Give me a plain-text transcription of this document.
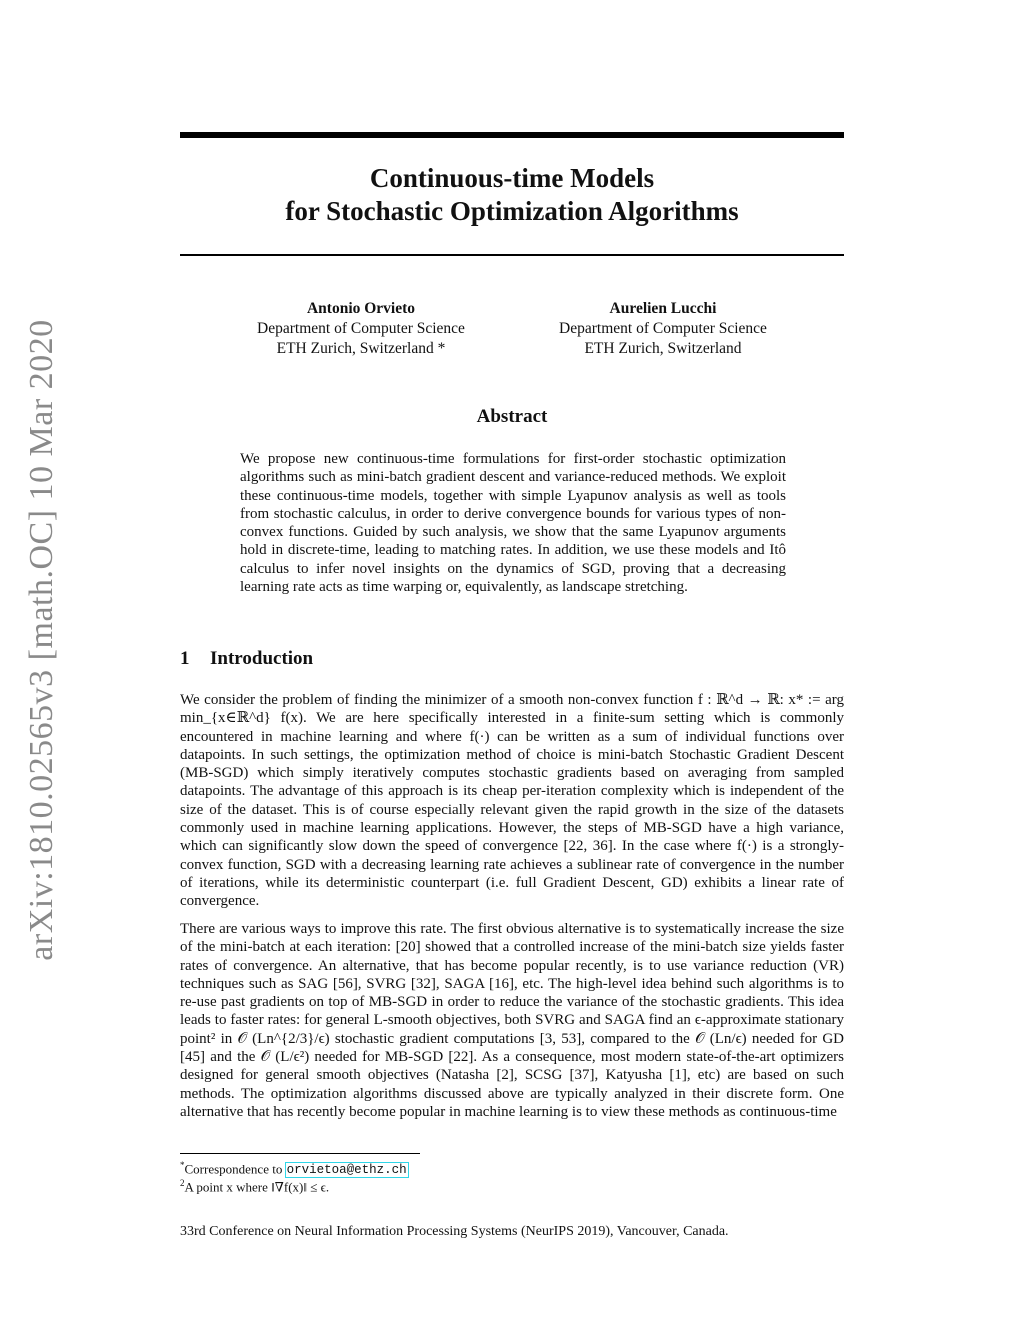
arXiv:1810.02565v3 [math.OC] 10 Mar 2020
Continuous-time Models
for Stochastic Optimization Algorithms
Antonio Orvieto
Department of Computer Science
ETH Zurich, Switzerland *
Aurelien Lucchi
Department of Computer Science
ETH Zurich, Switzerland
Abstract
We propose new continuous-time formulations for first-order stochastic optimization algorithms such as mini-batch gradient descent and variance-reduced methods. We exploit these continuous-time models, together with simple Lyapunov analysis as well as tools from stochastic calculus, in order to derive convergence bounds for various types of non-convex functions. Guided by such analysis, we show that the same Lyapunov arguments hold in discrete-time, leading to matching rates. In addition, we use these models and Itô calculus to infer novel insights on the dynamics of SGD, proving that a decreasing learning rate acts as time warping or, equivalently, as landscape stretching.
1 Introduction
We consider the problem of finding the minimizer of a smooth non-convex function f : ℝ^d → ℝ: x* := arg min_{x∈ℝ^d} f(x). We are here specifically interested in a finite-sum setting which is commonly encountered in machine learning and where f(·) can be written as a sum of individual functions over datapoints. In such settings, the optimization method of choice is mini-batch Stochastic Gradient Descent (MB-SGD) which simply iteratively computes stochastic gradients based on averaging from sampled datapoints. The advantage of this approach is its cheap per-iteration complexity which is independent of the size of the dataset. This is of course especially relevant given the rapid growth in the size of the datasets commonly used in machine learning applications. However, the steps of MB-SGD have a high variance, which can significantly slow down the speed of convergence [22, 36]. In the case where f(·) is a strongly-convex function, SGD with a decreasing learning rate achieves a sublinear rate of convergence in the number of iterations, while its deterministic counterpart (i.e. full Gradient Descent, GD) exhibits a linear rate of convergence.
There are various ways to improve this rate. The first obvious alternative is to systematically increase the size of the mini-batch at each iteration: [20] showed that a controlled increase of the mini-batch size yields faster rates of convergence. An alternative, that has become popular recently, is to use variance reduction (VR) techniques such as SAG [56], SVRG [32], SAGA [16], etc. The high-level idea behind such algorithms is to re-use past gradients on top of MB-SGD in order to reduce the variance of the stochastic gradients. This idea leads to faster rates: for general L-smooth objectives, both SVRG and SAGA find an ϵ-approximate stationary point² in 𝒪 (Ln^{2/3}/ϵ) stochastic gradient computations [3, 53], compared to the 𝒪 (Ln/ϵ) needed for GD [45] and the 𝒪 (L/ϵ²) needed for MB-SGD [22]. As a consequence, most modern state-of-the-art optimizers designed for general smooth objectives (Natasha [2], SCSG [37], Katyusha [1], etc) are based on such methods. The optimization algorithms discussed above are typically analyzed in their discrete form. One alternative that has recently become popular in machine learning is to view these methods as continuous-time
*Correspondence to orvietoa@ethz.ch
$^2$A point x where ‖∇f(x)‖ ≤ ϵ.
33rd Conference on Neural Information Processing Systems (NeurIPS 2019), Vancouver, Canada.
